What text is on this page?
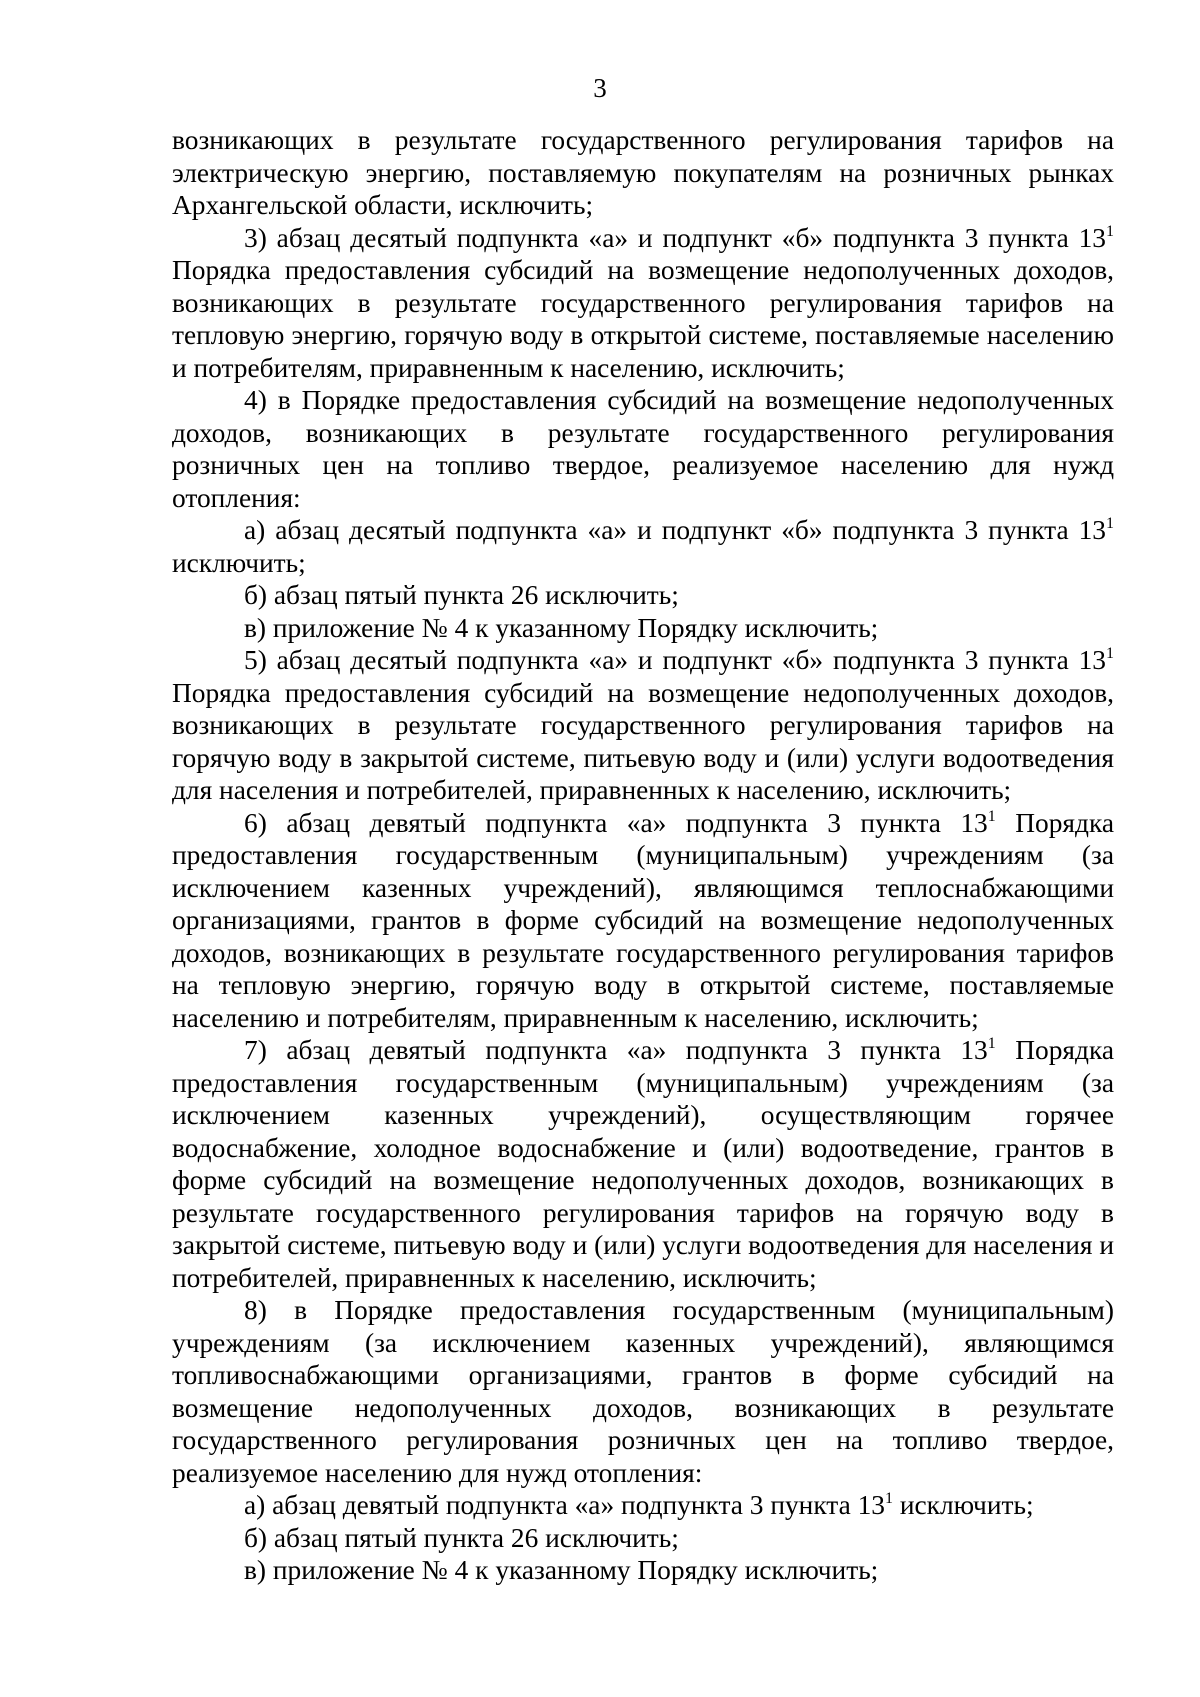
3

возникающих в результате государственного регулирования тарифов на электрическую энергию, поставляемую покупателям на розничных рынках Архангельской области, исключить;

3) абзац десятый подпункта «а» и подпункт «б» подпункта 3 пункта $13^1$ Порядка предоставления субсидий на возмещение недополученных доходов, возникающих в результате государственного регулирования тарифов на тепловую энергию, горячую воду в открытой системе, поставляемые населению и потребителям, приравненным к населению, исключить;

4) в Порядке предоставления субсидий на возмещение недополученных доходов, возникающих в результате государственного регулирования розничных цен на топливо твердое, реализуемое населению для нужд отопления:

а) абзац десятый подпункта «а» и подпункт «б» подпункта 3 пункта $13^1$ исключить;

б) абзац пятый пункта 26 исключить;

в) приложение № 4 к указанному Порядку исключить;

5) абзац десятый подпункта «а» и подпункт «б» подпункта 3 пункта $13^1$ Порядка предоставления субсидий на возмещение недополученных доходов, возникающих в результате государственного регулирования тарифов на горячую воду в закрытой системе, питьевую воду и (или) услуги водоотведения для населения и потребителей, приравненных к населению, исключить;

6) абзац девятый подпункта «а» подпункта 3 пункта $13^1$ Порядка предоставления государственным (муниципальным) учреждениям (за исключением казенных учреждений), являющимся теплоснабжающими организациями, грантов в форме субсидий на возмещение недополученных доходов, возникающих в результате государственного регулирования тарифов на тепловую энергию, горячую воду в открытой системе, поставляемые населению и потребителям, приравненным к населению, исключить;

7) абзац девятый подпункта «а» подпункта 3 пункта $13^1$ Порядка предоставления государственным (муниципальным) учреждениям (за исключением казенных учреждений), осуществляющим горячее водоснабжение, холодное водоснабжение и (или) водоотведение, грантов в форме субсидий на возмещение недополученных доходов, возникающих в результате государственного регулирования тарифов на горячую воду в закрытой системе, питьевую воду и (или) услуги водоотведения для населения и потребителей, приравненных к населению, исключить;

8) в Порядке предоставления государственным (муниципальным) учреждениям (за исключением казенных учреждений), являющимся топливоснабжающими организациями, грантов в форме субсидий на возмещение недополученных доходов, возникающих в результате государственного регулирования розничных цен на топливо твердое, реализуемое населению для нужд отопления:

а) абзац девятый подпункта «а» подпункта 3 пункта $13^1$ исключить;

б) абзац пятый пункта 26 исключить;

в) приложение № 4 к указанному Порядку исключить;
